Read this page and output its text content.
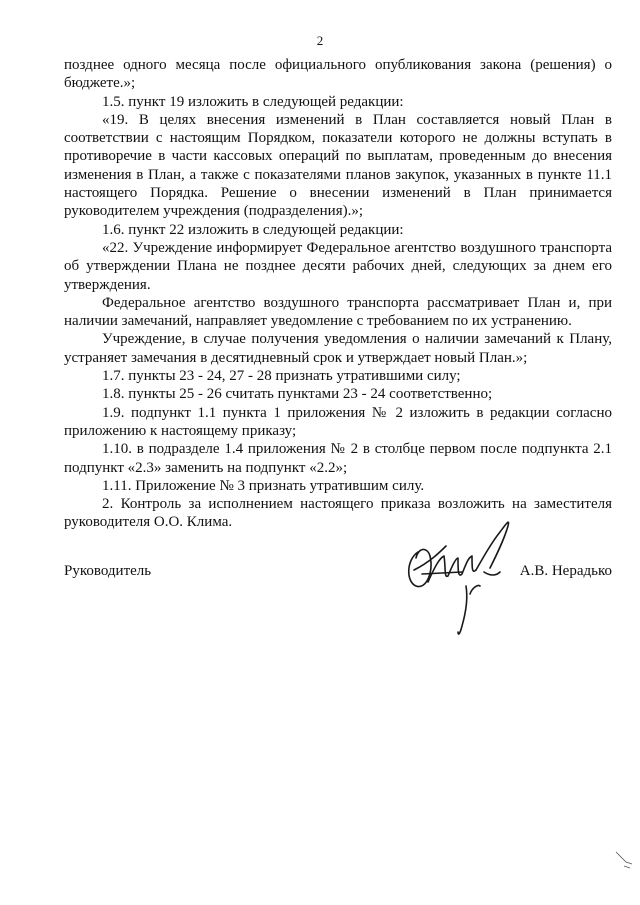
2

позднее одного месяца после официального опубликования закона (решения) о бюджете.»;

1.5. пункт 19 изложить в следующей редакции:

«19. В целях внесения изменений в План составляется новый План в соответствии с настоящим Порядком, показатели которого не должны вступать в противоречие в части кассовых операций по выплатам, проведенным до внесения изменения в План, а также с показателями планов закупок, указанных в пункте 11.1 настоящего Порядка. Решение о внесении изменений в План принимается руководителем учреждения (подразделения).»;

1.6. пункт 22 изложить в следующей редакции:

«22. Учреждение информирует Федеральное агентство воздушного транспорта об утверждении Плана не позднее десяти рабочих дней, следующих за днем его утверждения.

Федеральное агентство воздушного транспорта рассматривает План и, при наличии замечаний, направляет уведомление с требованием по их устранению.

Учреждение, в случае получения уведомления о наличии замечаний к Плану, устраняет замечания в десятидневный срок и утверждает новый План.»;

1.7. пункты 23 - 24, 27 - 28 признать утратившими силу;

1.8. пункты 25 - 26 считать пунктами 23 - 24 соответственно;

1.9. подпункт 1.1 пункта 1 приложения № 2 изложить в редакции согласно приложению к настоящему приказу;

1.10. в подразделе 1.4 приложения № 2 в столбце первом после подпункта 2.1 подпункт «2.3» заменить на подпункт «2.2»;

1.11. Приложение № 3 признать утратившим силу.

2. Контроль за исполнением настоящего приказа возложить на заместителя руководителя О.О. Клима.

Руководитель	А.В. Нерадько
